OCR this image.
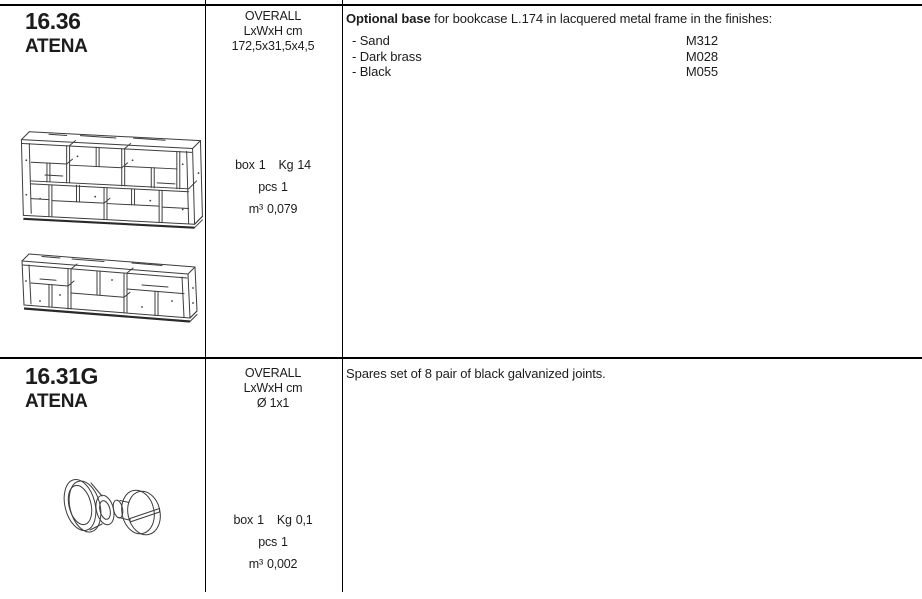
16.36
ATENA
OVERALL
LxWxH cm
172,5x31,5x4,5
box 1 Kg 14
pcs 1
m³ 0,079

Optional base for bookcase L.174 in lacquered metal frame in the finishes:

- Sand	M312
- Dark brass	M028
- Black	M055
16.31G
ATENA
OVERALL
LxWxH cm
Ø 1x1
box 1 Kg 0,1
pcs 1
m³ 0,002

Spares set of 8 pair of black galvanized joints.
